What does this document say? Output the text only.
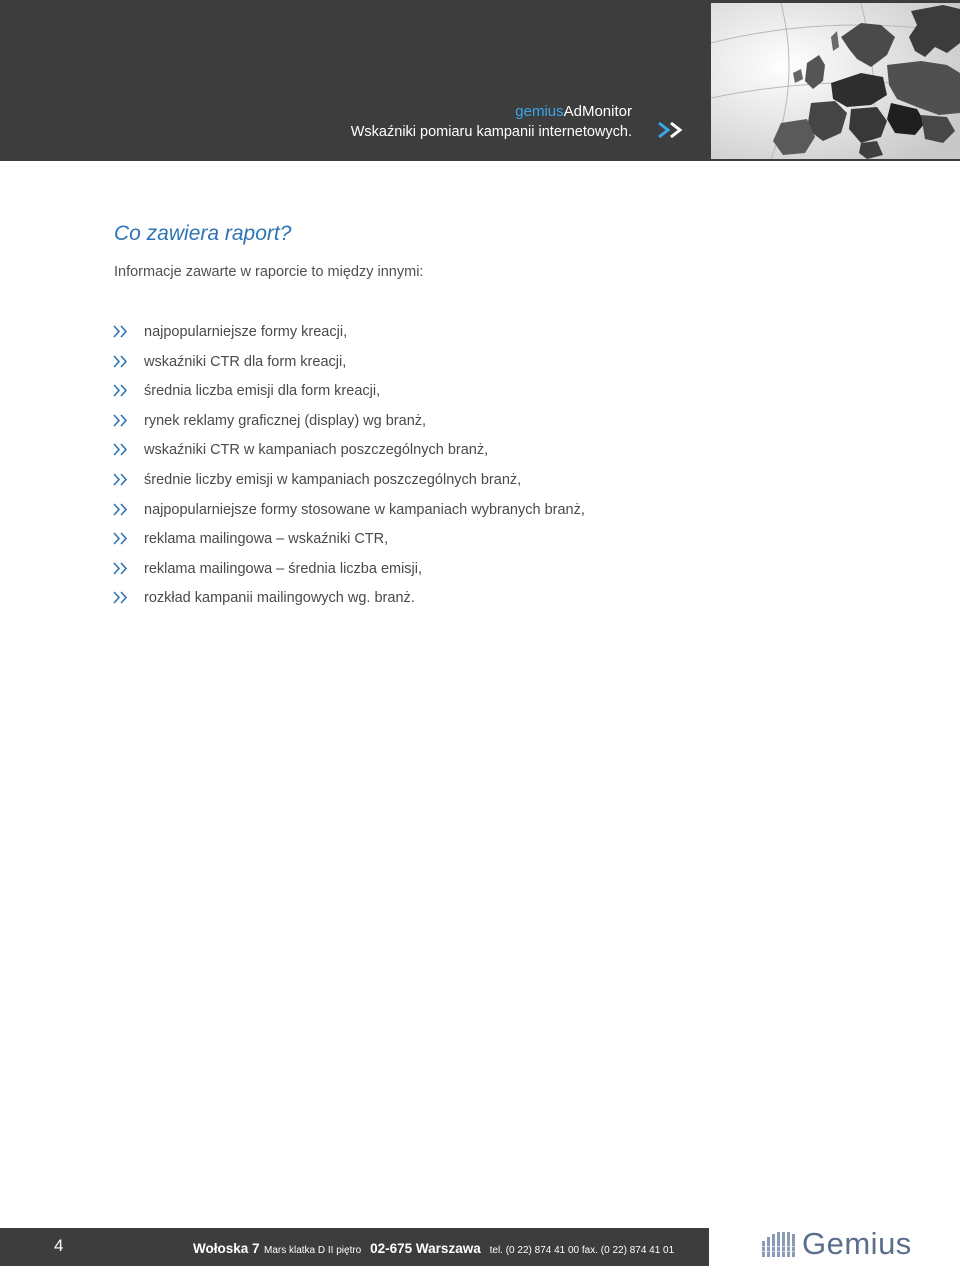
gemiusAdMonitor
Wskaźniki pomiaru kampanii internetowych.
Co zawiera raport?
Informacje zawarte w raporcie to między innymi:
najpopularniejsze formy kreacji,
wskaźniki CTR dla form kreacji,
średnia liczba emisji dla form kreacji,
rynek reklamy graficznej (display) wg branż,
wskaźniki CTR w kampaniach poszczególnych branż,
średnie liczby emisji w kampaniach poszczególnych branż,
najpopularniejsze formy stosowane w kampaniach wybranych branż,
reklama mailingowa – wskaźniki CTR,
reklama mailingowa – średnia liczba emisji,
rozkład kampanii mailingowych wg. branż.
4	Wołoska 7 Mars klatka D II piętro 02-675 Warszawa tel. (0 22) 874 41 00 fax. (0 22) 874 41 01	Gemius
